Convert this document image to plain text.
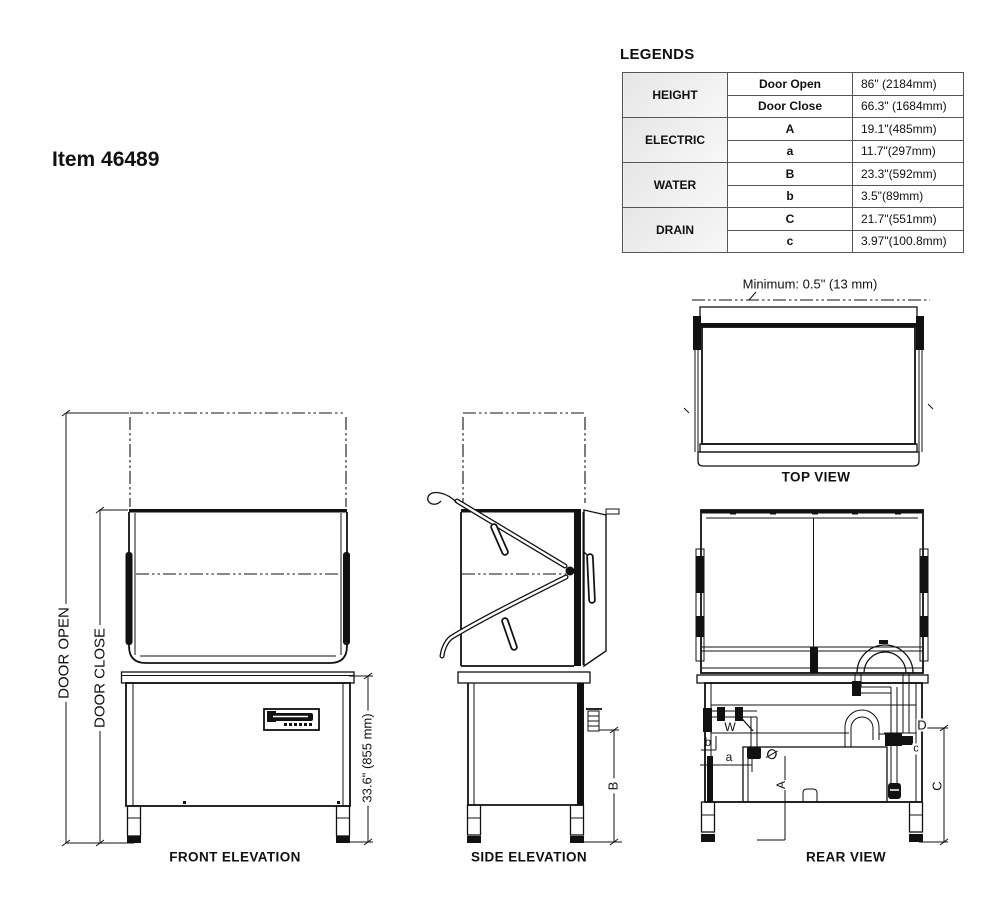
Item 46489
LEGENDS
HEIGHT	Door Open	86" (2184mm)
	Door Close	66.3" (1684mm)
ELECTRIC	A	19.1"(485mm)
	a	11.7"(297mm)
WATER	B	23.3"(592mm)
	b	3.5"(89mm)
DRAIN	C	21.7"(551mm)
	c	3.97"(100.8mm)
FRONT ELEVATION	SIDE ELEVATION	REAR VIEW
TOP VIEW
Minimum: 0.5" (13 mm)
DOOR OPEN DOOR CLOSE
33.6" (855 mm)	B
W
b
a Ø
A
D
c
C
